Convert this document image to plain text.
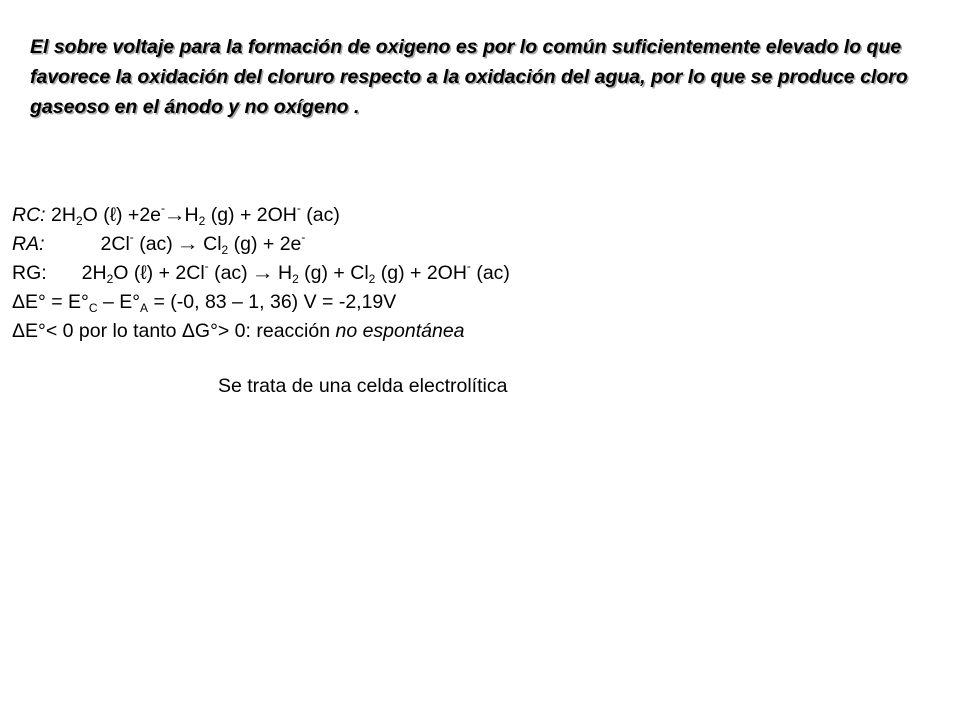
El sobre voltaje para la formación de oxigeno es por lo común suficientemente elevado lo que favorece la oxidación del cloruro respecto a la oxidación del agua, por lo que se produce cloro gaseoso en el ánodo y no oxígeno .

RC: $2H_2O$ (ℓ) $+2e^-\to H_2$ (g) + 2OH- (ac)
RA:	2Cl- $(ac) \to Cl_2$ (g) + 2e-
RG: $2H_2O$ (ℓ) + 2Cl- $(ac) \to H_2$ $(g) + Cl_2$ (g) + 2OH- (ac)
$\Delta E^\circ = E^\circ_C - E^\circ_A = (-0$, 83 – 1, 36) V = -2,19V
ΔE°< 0 por lo tanto ΔG°> 0: reacción no espontánea
Se trata de una celda electrolítica
